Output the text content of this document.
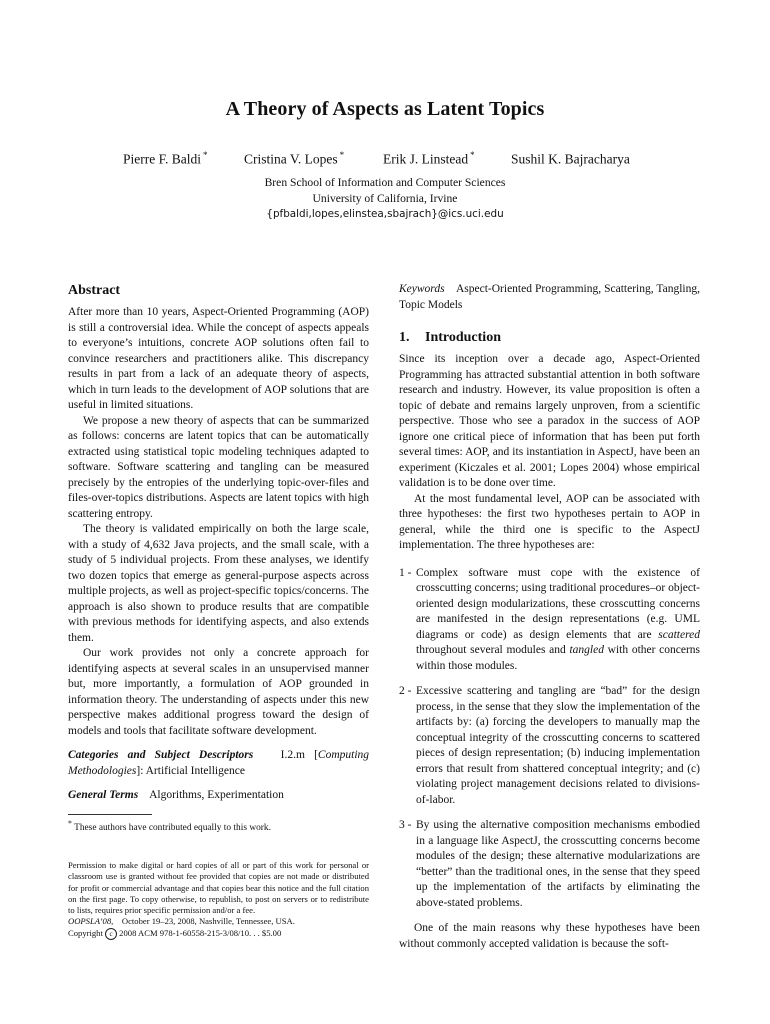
A Theory of Aspects as Latent Topics
Pierre F. Baldi *	Cristina V. Lopes *	Erik J. Linstead *	Sushil K. Bajracharya
Bren School of Information and Computer Sciences
University of California, Irvine
{pfbaldi,lopes,elinstea,sbajrach}@ics.uci.edu
Abstract

After more than 10 years, Aspect-Oriented Programming (AOP) is still a controversial idea. While the concept of aspects appeals to everyone’s intuitions, concrete AOP solutions often fail to convince researchers and practitioners alike. This discrepancy results in part from a lack of an adequate theory of aspects, which in turn leads to the development of AOP solutions that are useful in limited situations.

We propose a new theory of aspects that can be summarized as follows: concerns are latent topics that can be automatically extracted using statistical topic modeling techniques adapted to software. Software scattering and tangling can be measured precisely by the entropies of the underlying topic-over-files and files-over-topics distributions. Aspects are latent topics with high scattering entropy.

The theory is validated empirically on both the large scale, with a study of 4,632 Java projects, and the small scale, with a study of 5 individual projects. From these analyses, we identify two dozen topics that emerge as general-purpose aspects across multiple projects, as well as project-specific topics/concerns. The approach is also shown to produce results that are compatible with previous methods for identifying aspects, and also extends them.

Our work provides not only a concrete approach for identifying aspects at several scales in an unsupervised manner but, more importantly, a formulation of AOP grounded in information theory. The understanding of aspects under this new perspective makes additional progress toward the design of models and tools that facilitate software development.

Categories and Subject Descriptors I.2.m [Computing Methodologies]: Artificial Intelligence
General Terms Algorithms, Experimentation
* These authors have contributed equally to this work.
Permission to make digital or hard copies of all or part of this work for personal or classroom use is granted without fee provided that copies are not made or distributed for profit or commercial advantage and that copies bear this notice and the full citation on the first page. To copy otherwise, to republish, to post on servers or to redistribute to lists, requires prior specific permission and/or a fee.
OOPSLA’08, October 19–23, 2008, Nashville, Tennessee, USA.
Copyright c 2008 ACM 978-1-60558-215-3/08/10. . . $5.00

Keywords Aspect-Oriented Programming, Scattering, Tangling, Topic Models

1. Introduction

Since its inception over a decade ago, Aspect-Oriented Programming has attracted substantial attention in both software research and industry. However, its value proposition is often a topic of debate and remains largely unproven, from a scientific perspective. Those who see a paradox in the success of AOP ignore one critical piece of information that has been put forth several times: AOP, and its instantiation in AspectJ, have been an experiment (Kiczales et al. 2001; Lopes 2004) whose empirical validation is to be done over time.

At the most fundamental level, AOP can be associated with three hypotheses: the first two hypotheses pertain to AOP in general, while the third one is specific to the AspectJ implementation. The three hypotheses are:

1 - Complex software must cope with the existence of crosscutting concerns; using traditional procedures–or object-oriented design modularizations, these crosscutting concerns are manifested in the design representations (e.g. UML diagrams or code) as design elements that are scattered throughout several modules and tangled with other concerns within those modules.
2 - Excessive scattering and tangling are “bad” for the design process, in the sense that they slow the implementation of the artifacts by: (a) forcing the developers to manually map the conceptual integrity of the crosscutting concerns to scattered pieces of design representation; (b) inducing implementation errors that result from shattered conceptual integrity; and (c) violating project management decisions related to divisions-of-labor.
3 - By using the alternative composition mechanisms embodied in a language like AspectJ, the crosscutting concerns become modules of the design; these alternative modularizations are “better” than the traditional ones, in the sense that they speed up the implementation of the artifacts by eliminating the above-stated problems.

One of the main reasons why these hypotheses have been without commonly accepted validation is because the soft-
